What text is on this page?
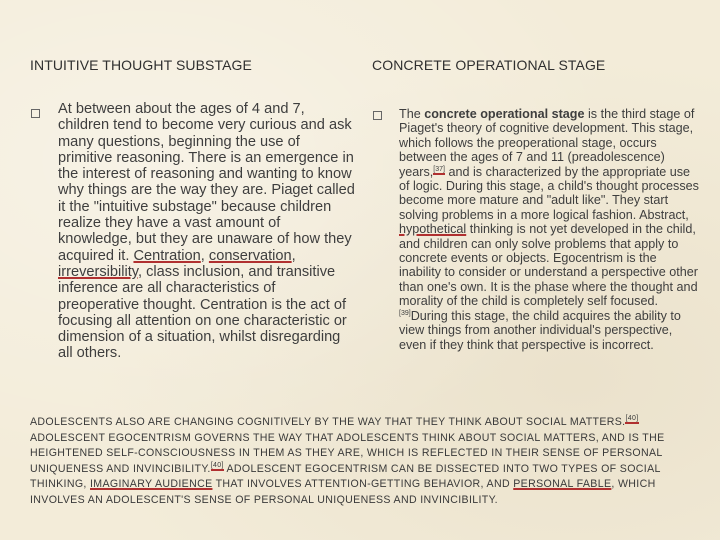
INTUITIVE THOUGHT SUBSTAGE	CONCRETE OPERATIONAL STAGE

At between about the ages of 4 and 7, children tend to become very curious and ask many questions, beginning the use of primitive reasoning. There is an emergence in the interest of reasoning and wanting to know why things are the way they are. Piaget called it the "intuitive substage" because children realize they have a vast amount of knowledge, but they are unaware of how they acquired it. Centration, conservation, irreversibility, class inclusion, and transitive inference are all characteristics of preoperative thought. Centration is the act of focusing all attention on one characteristic or dimension of a situation, whilst disregarding all others.

The concrete operational stage is the third stage of Piaget's theory of cognitive development. This stage, which follows the preoperational stage, occurs between the ages of 7 and 11 (preadolescence) years,[37] and is characterized by the appropriate use of logic. During this stage, a child's thought processes become more mature and "adult like". They start solving problems in a more logical fashion. Abstract, hypothetical thinking is not yet developed in the child, and children can only solve problems that apply to concrete events or objects. Egocentrism is the inability to consider or understand a perspective other than one's own. It is the phase where the thought and morality of the child is completely self focused.[39]During this stage, the child acquires the ability to view things from another individual's perspective, even if they think that perspective is incorrect.

ADOLESCENTS ALSO ARE CHANGING COGNITIVELY BY THE WAY THAT THEY THINK ABOUT SOCIAL MATTERS.[40] ADOLESCENT EGOCENTRISM GOVERNS THE WAY THAT ADOLESCENTS THINK ABOUT SOCIAL MATTERS, AND IS THE HEIGHTENED SELF-CONSCIOUSNESS IN THEM AS THEY ARE, WHICH IS REFLECTED IN THEIR SENSE OF PERSONAL UNIQUENESS AND INVINCIBILITY.[40] ADOLESCENT EGOCENTRISM CAN BE DISSECTED INTO TWO TYPES OF SOCIAL THINKING, IMAGINARY AUDIENCE THAT INVOLVES ATTENTION-GETTING BEHAVIOR, AND PERSONAL FABLE, WHICH INVOLVES AN ADOLESCENT'S SENSE OF PERSONAL UNIQUENESS AND INVINCIBILITY.
